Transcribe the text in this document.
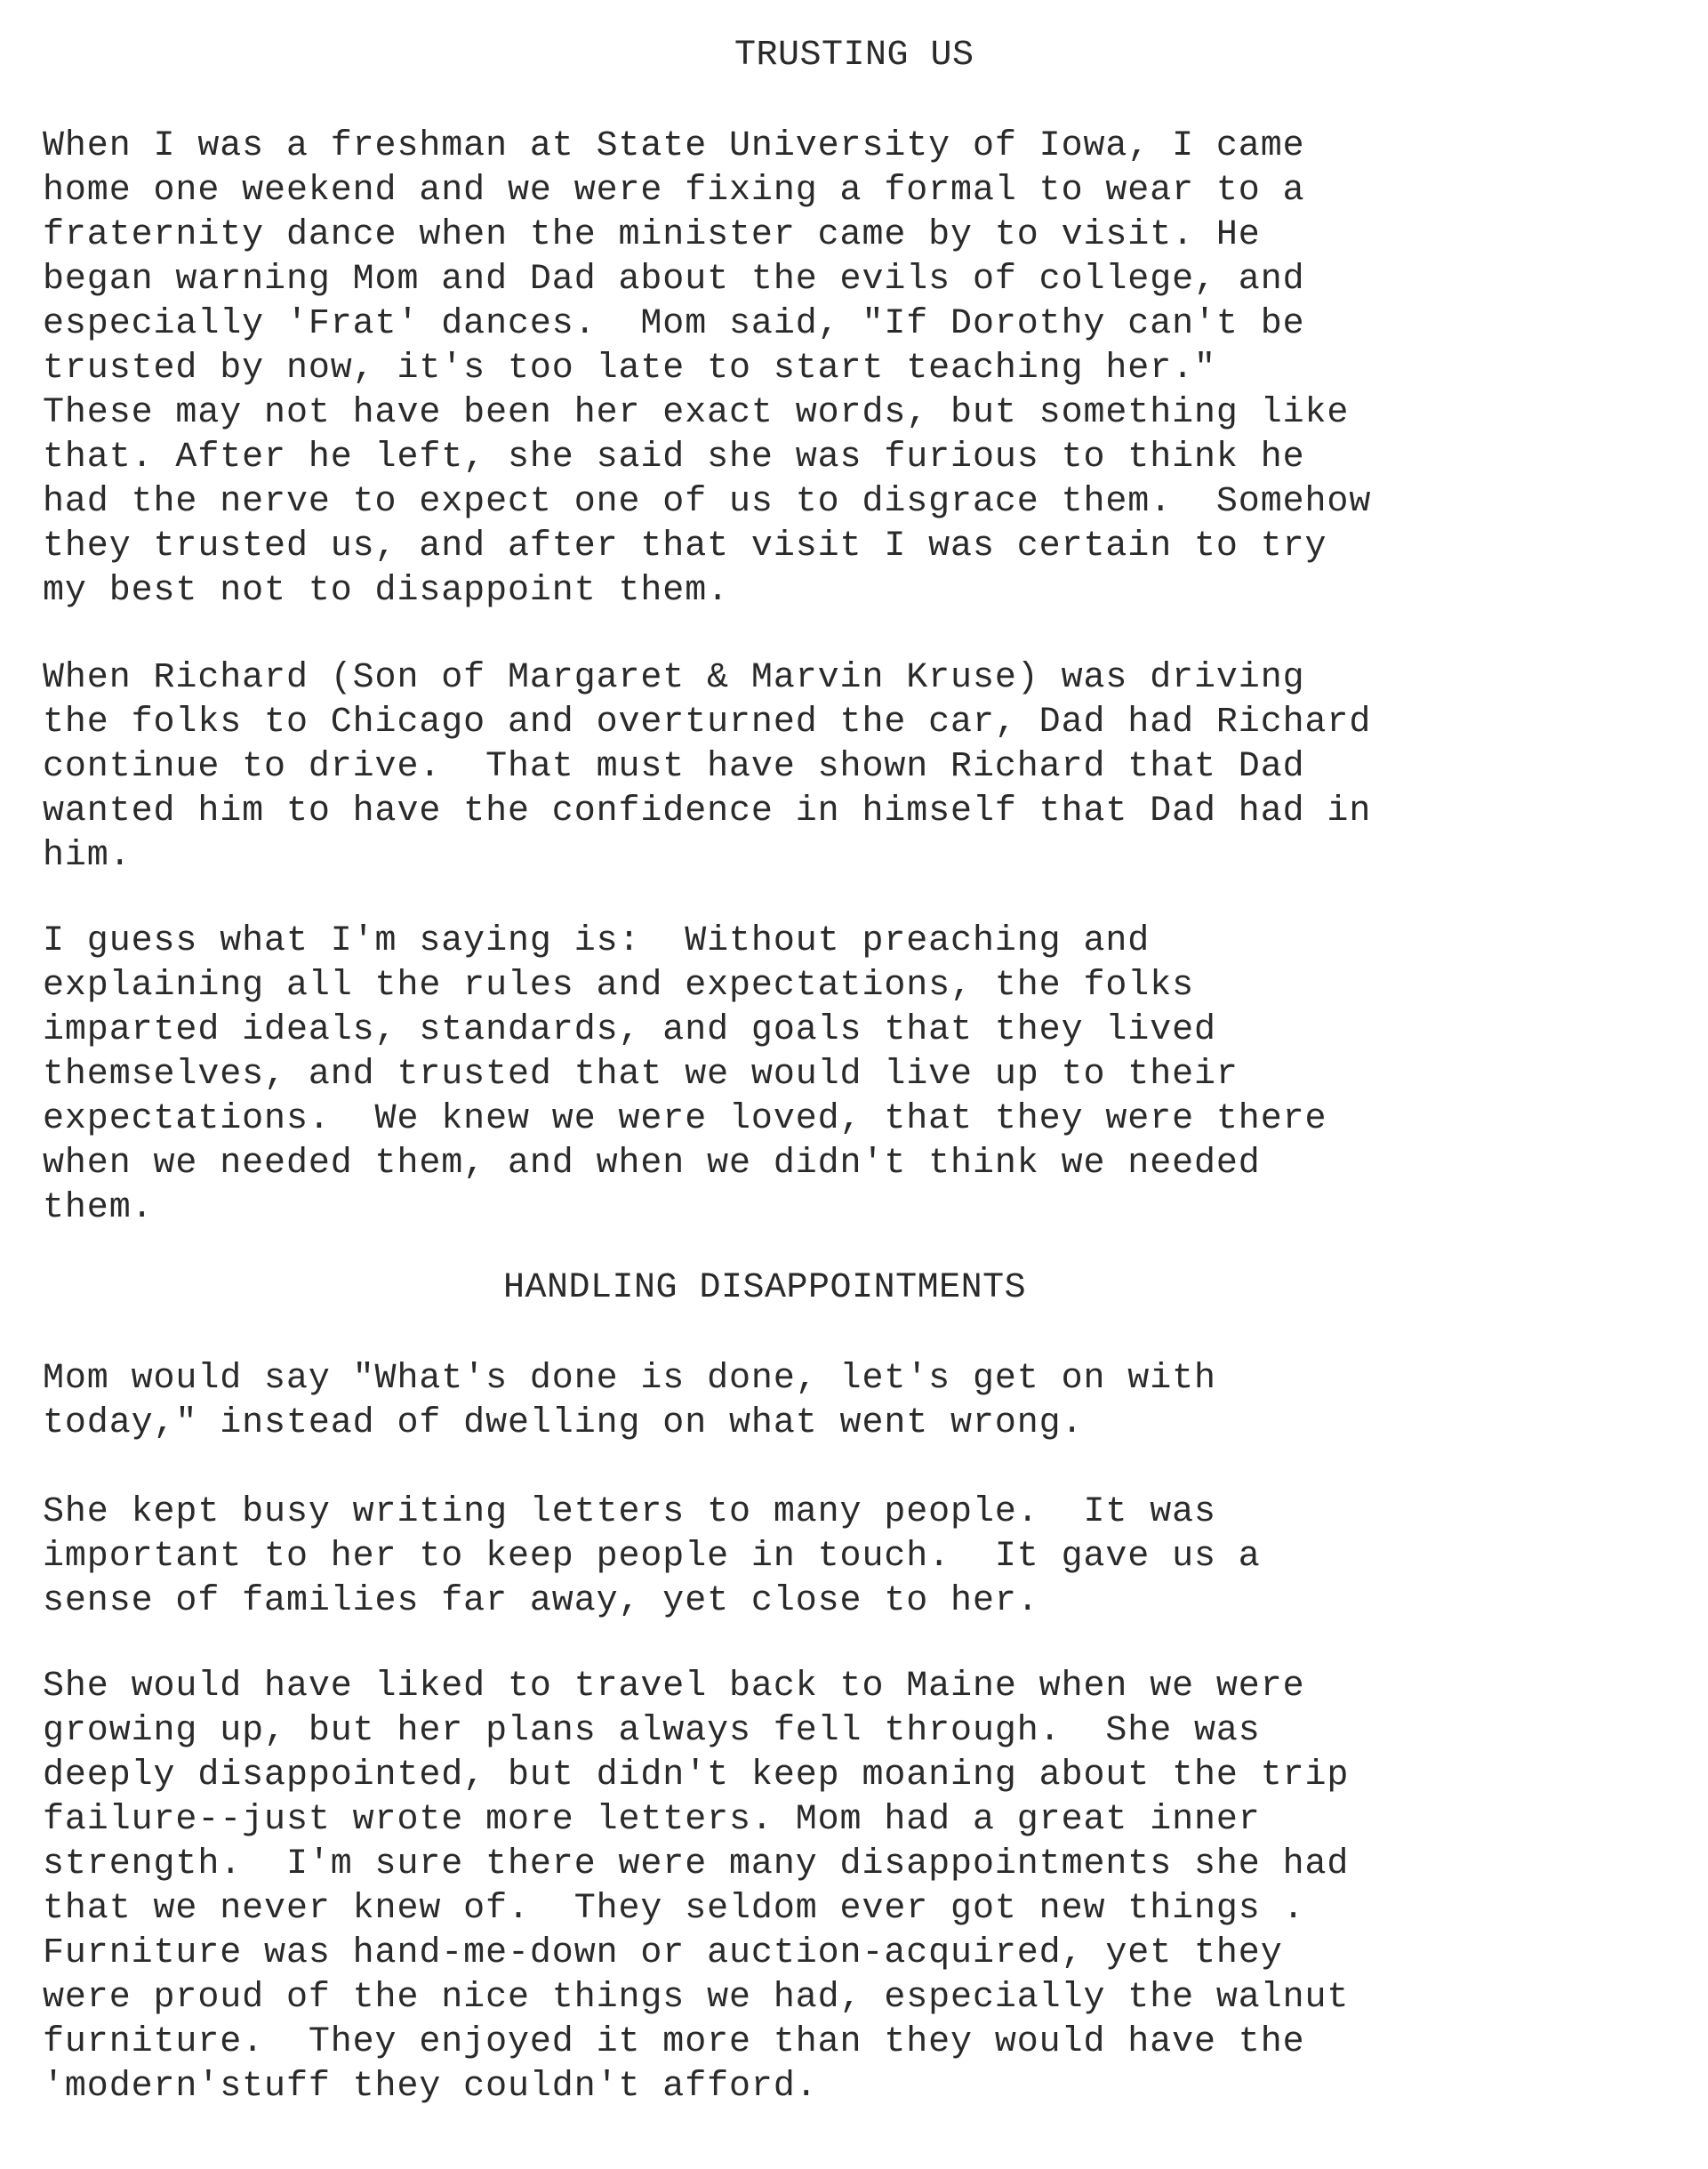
TRUSTING US
When I was a freshman at State University of Iowa, I came
home one weekend and we were fixing a formal to wear to a
fraternity dance when the minister came by to visit. He
began warning Mom and Dad about the evils of college, and
especially 'Frat' dances.  Mom said, "If Dorothy can't be
trusted by now, it's too late to start teaching her."
These may not have been her exact words, but something like
that. After he left, she said she was furious to think he
had the nerve to expect one of us to disgrace them.  Somehow
they trusted us, and after that visit I was certain to try
my best not to disappoint them.
When Richard (Son of Margaret & Marvin Kruse) was driving
the folks to Chicago and overturned the car, Dad had Richard
continue to drive.  That must have shown Richard that Dad
wanted him to have the confidence in himself that Dad had in
him.
I guess what I'm saying is:  Without preaching and
explaining all the rules and expectations, the folks
imparted ideals, standards, and goals that they lived
themselves, and trusted that we would live up to their
expectations.  We knew we were loved, that they were there
when we needed them, and when we didn't think we needed
them.
HANDLING DISAPPOINTMENTS
Mom would say "What's done is done, let's get on with
today," instead of dwelling on what went wrong.
She kept busy writing letters to many people.  It was
important to her to keep people in touch.  It gave us a
sense of families far away, yet close to her.
She would have liked to travel back to Maine when we were
growing up, but her plans always fell through.  She was
deeply disappointed, but didn't keep moaning about the trip
failure--just wrote more letters. Mom had a great inner
strength.  I'm sure there were many disappointments she had
that we never knew of.  They seldom ever got new things .
Furniture was hand-me-down or auction-acquired, yet they
were proud of the nice things we had, especially the walnut
furniture.  They enjoyed it more than they would have the
'modern'stuff they couldn't afford.
